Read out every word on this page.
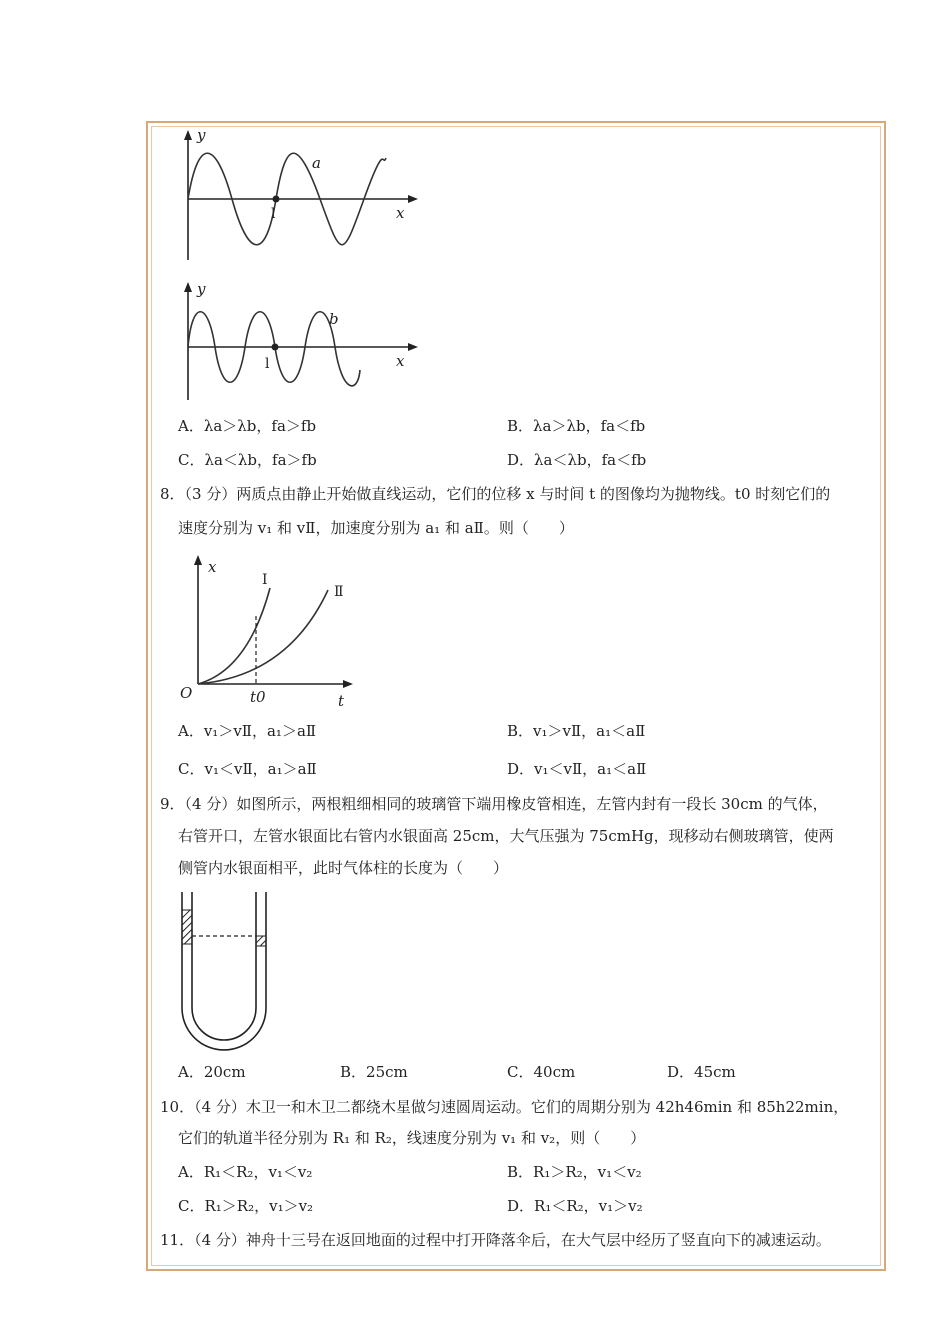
y
x
a
l
y
x
b
l
A．λa＞λb，fa＞fb	B．λa＞λb，fa＜fb
C．λa＜λb，fa＞fb	D．λa＜λb，fa＜fb
8．（3 分）两质点由静止开始做直线运动，它们的位移 x 与时间 t 的图像均为抛物线。t0 时刻它们的
速度分别为 v₁ 和 vⅡ，加速度分别为 a₁ 和 aⅡ。则（　　）
x
t
O	t0
I
Ⅱ
A．v₁＞vⅡ，a₁＞aⅡ	B．v₁＞vⅡ，a₁＜aⅡ
C．v₁＜vⅡ，a₁＞aⅡ	D．v₁＜vⅡ，a₁＜aⅡ
9．（4 分）如图所示，两根粗细相同的玻璃管下端用橡皮管相连，左管内封有一段长 30cm 的气体，
右管开口，左管水银面比右管内水银面高 25cm，大气压强为 75cmHg，现移动右侧玻璃管，使两
侧管内水银面相平，此时气体柱的长度为（　　）
A．20cm	B．25cm	C．40cm	D．45cm
10．（4 分）木卫一和木卫二都绕木星做匀速圆周运动。它们的周期分别为 42h46min 和 85h22min，
它们的轨道半径分别为 R₁ 和 R₂，线速度分别为 v₁ 和 v₂，则（　　）
A．R₁＜R₂，v₁＜v₂	B．R₁＞R₂，v₁＜v₂
C．R₁＞R₂，v₁＞v₂	D．R₁＜R₂，v₁＞v₂
11．（4 分）神舟十三号在返回地面的过程中打开降落伞后，在大气层中经历了竖直向下的减速运动。
